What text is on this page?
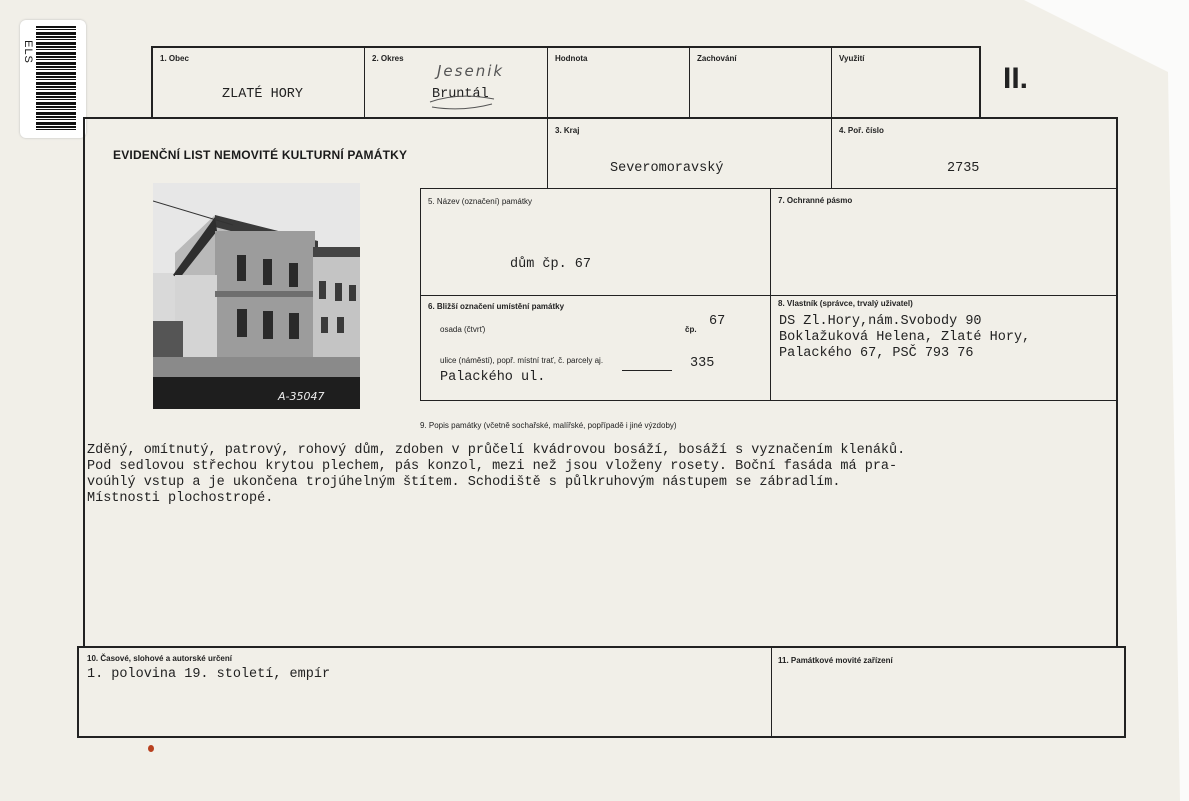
ELS	1. Obec
ZLATÉ HORY
2. Okres
Jesenik
Bruntál
Hodnota	Zachování	Využití
II.
EVIDENČNÍ LIST NEMOVITÉ KULTURNÍ PAMÁTKY
3. Kraj
Severomoravský
4. Poř. číslo
2735
A-35047
5. Název (označení) památky
dům čp. 67
7. Ochranné pásmo
6. Bližší označení umístění památky
osada (čtvrť)	čp.
67
ulice (náměstí), popř. místní trať, č. parcely aj.	335
Palackého ul.
8. Vlastník (správce, trvalý uživatel)
DS Zl.Hory,nám.Svobody 90
Boklažuková Helena, Zlaté Hory,
Palackého 67, PSČ 793 76
9. Popis památky (včetně sochařské, malířské, popřípadě i jiné výzdoby)
Zděný, omítnutý, patrový, rohový dům, zdoben v průčelí kvádrovou bosáží, bosáží s vyznačením klenáků.
Pod sedlovou střechou krytou plechem, pás konzol, mezi než jsou vloženy rosety. Boční fasáda má pra-
voúhlý vstup a je ukončena trojúhelným štítem. Schodiště s půlkruhovým nástupem se zábradlím.
Místnosti plochostropé.
10. Časové, slohové a autorské určení
1. polovina 19. století, empír
11. Památkové movité zařízení
